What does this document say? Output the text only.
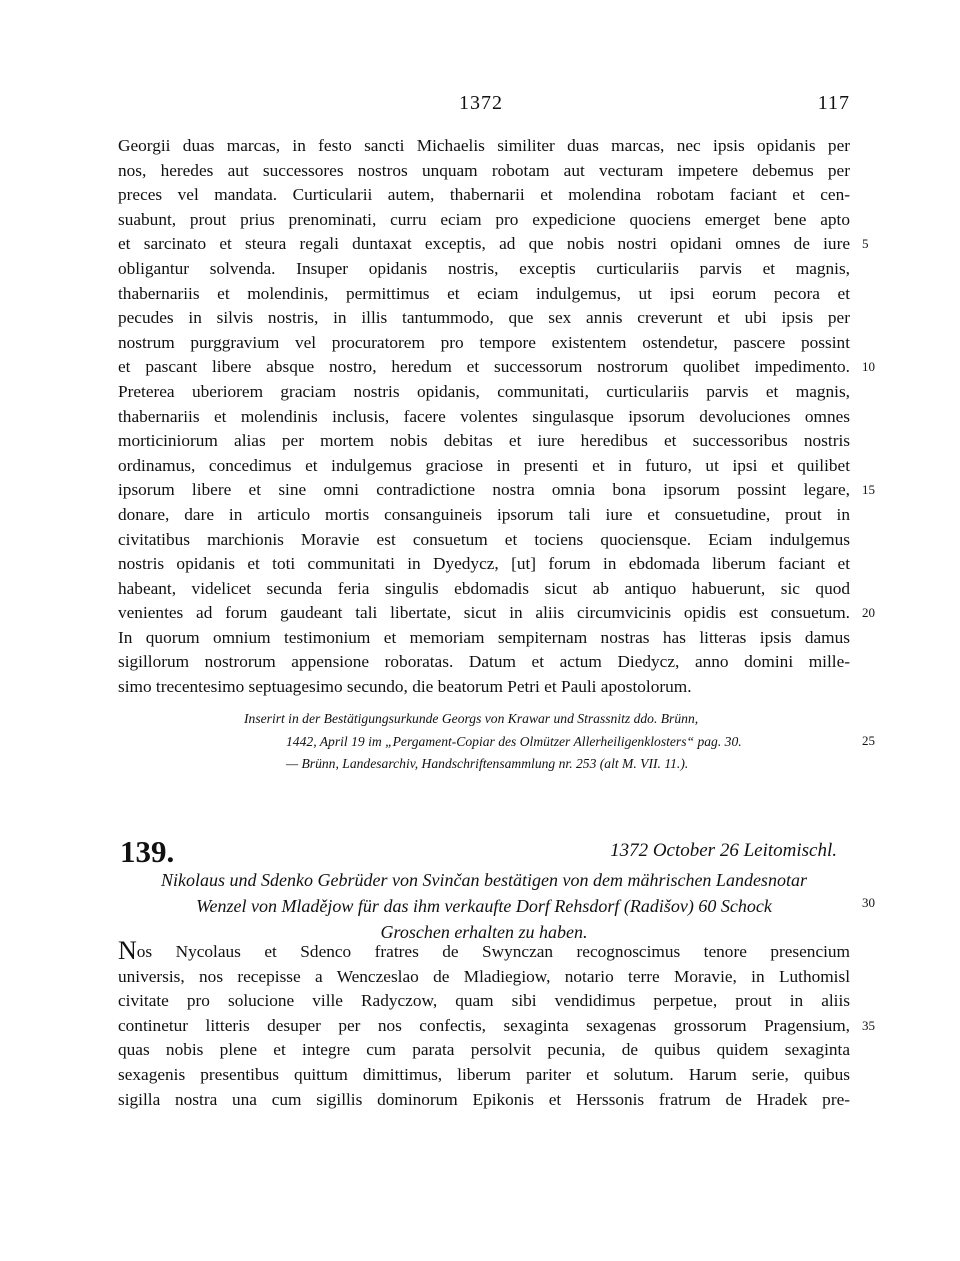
1372	117
Georgii duas marcas, in festo sancti Michaelis similiter duas marcas, nec ipsis opidanis per
nos, heredes aut successores nostros unquam robotam aut vecturam impetere debemus per
preces vel mandata. Curticularii autem, thabernarii et molendina robotam faciant et cen-
suabunt, prout prius prenominati, curru eciam pro expedicione quociens emerget bene apto
et sarcinato et steura regali duntaxat exceptis, ad que nobis nostri opidani omnes de iure
obligantur solvenda. Insuper opidanis nostris, exceptis curticulariis parvis et magnis,
thabernariis et molendinis, permittimus et eciam indulgemus, ut ipsi eorum pecora et
pecudes in silvis nostris, in illis tantummodo, que sex annis creverunt et ubi ipsis per
nostrum purggravium vel procuratorem pro tempore existentem ostendetur, pascere possint
et pascant libere absque nostro, heredum et successorum nostrorum quolibet impedimento.
Preterea uberiorem graciam nostris opidanis, communitati, curticulariis parvis et magnis,
thabernariis et molendinis inclusis, facere volentes singulasque ipsorum devoluciones omnes
morticiniorum alias per mortem nobis debitas et iure heredibus et successoribus nostris
ordinamus, concedimus et indulgemus graciose in presenti et in futuro, ut ipsi et quilibet
ipsorum libere et sine omni contradictione nostra omnia bona ipsorum possint legare,
donare, dare in articulo mortis consanguineis ipsorum tali iure et consuetudine, prout in
civitatibus marchionis Moravie est consuetum et tociens quociensque. Eciam indulgemus
nostris opidanis et toti communitati in Dyedycz, [ut] forum in ebdomada liberum faciant et
habeant, videlicet secunda feria singulis ebdomadis sicut ab antiquo habuerunt, sic quod
venientes ad forum gaudeant tali libertate, sicut in aliis circumvicinis opidis est consuetum.
In quorum omnium testimonium et memoriam sempiternam nostras has litteras ipsis damus
sigillorum nostrorum appensione roboratas. Datum et actum Diedycz, anno domini mille-
simo trecentesimo septuagesimo secundo, die beatorum Petri et Pauli apostolorum.
Inserirt in der Bestätigungsurkunde Georgs von Krawar und Strassnitz ddo. Brünn,
1442, April 19 im „Pergament-Copiar des Olmützer Allerheiligenklosters“ pag. 30.
— Brünn, Landesarchiv, Handschriftensammlung nr. 253 (alt M. VII. 11.).
139.	1372 October 26 Leitomischl.
Nikolaus und Sdenko Gebrüder von Svinčan bestätigen von dem mährischen Landesnotar
Wenzel von Mladějow für das ihm verkaufte Dorf Rehsdorf (Radišov) 60 Schock
Groschen erhalten zu haben.
Nos Nycolaus et Sdenco fratres de Swynczan recognoscimus tenore presencium
universis, nos recepisse a Wenczeslao de Mladiegiow, notario terre Moravie, in Luthomisl
civitate pro solucione ville Radyczow, quam sibi vendidimus perpetue, prout in aliis
continetur litteris desuper per nos confectis, sexaginta sexagenas grossorum Pragensium,
quas nobis plene et integre cum parata persolvit pecunia, de quibus quidem sexaginta
sexagenis presentibus quittum dimittimus, liberum pariter et solutum. Harum serie, quibus
sigilla nostra una cum sigillis dominorum Epikonis et Herssonis fratrum de Hradek pre-
5
10
15
20
25
30
35
